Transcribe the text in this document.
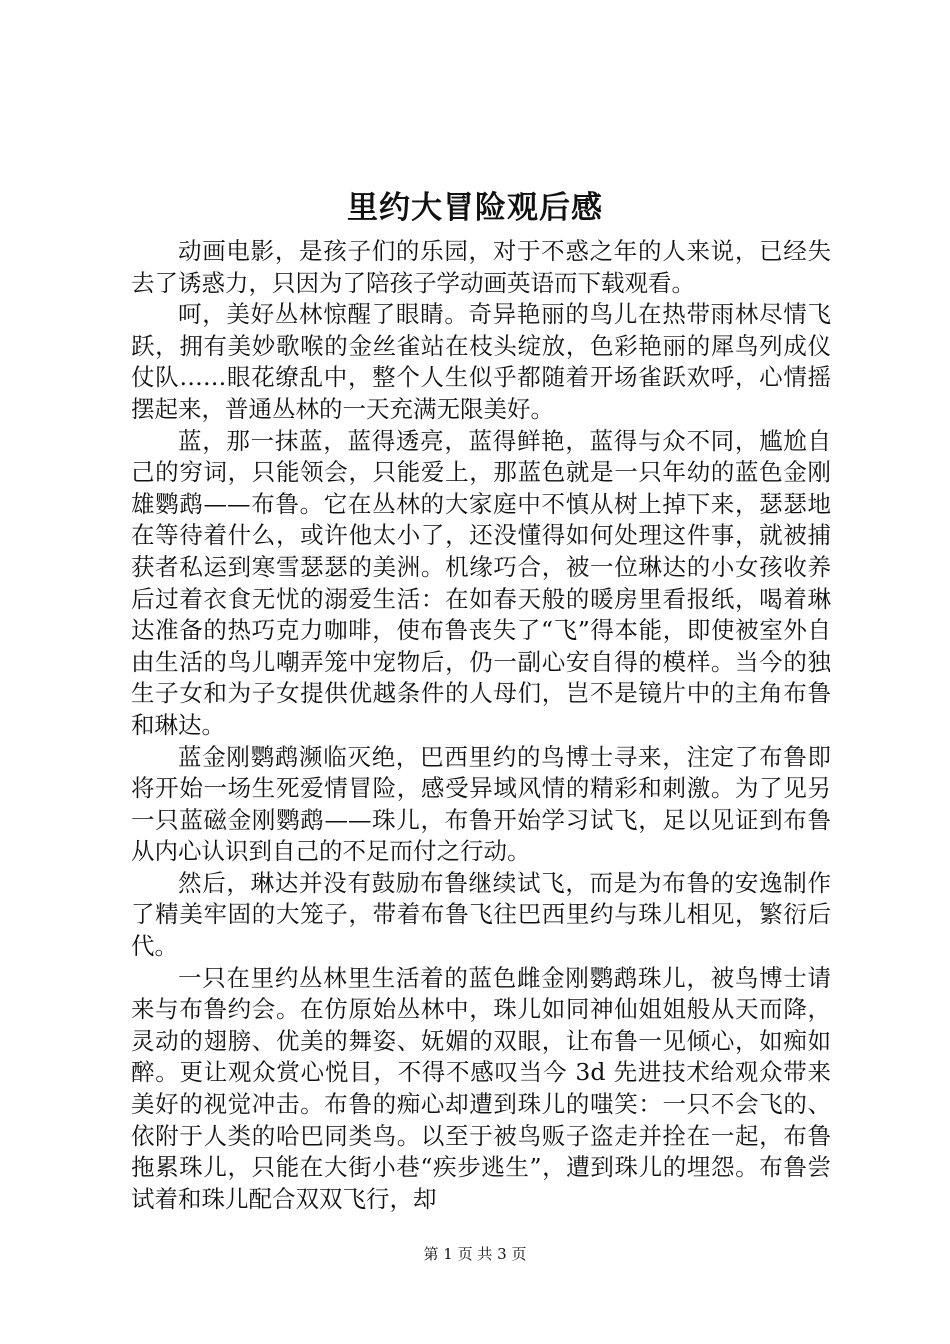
里约大冒险观后感

动画电影，是孩子们的乐园，对于不惑之年的人来说，已经失去了诱惑力，只因为了陪孩子学动画英语而下载观看。

呵，美好丛林惊醒了眼睛。奇异艳丽的鸟儿在热带雨林尽情飞跃，拥有美妙歌喉的金丝雀站在枝头绽放，色彩艳丽的犀鸟列成仪仗队……眼花缭乱中，整个人生似乎都随着开场雀跃欢呼，心情摇摆起来，普通丛林的一天充满无限美好。

蓝，那一抹蓝，蓝得透亮，蓝得鲜艳，蓝得与众不同，尴尬自己的穷词，只能领会，只能爱上，那蓝色就是一只年幼的蓝色金刚雄鹦鹉——布鲁。它在丛林的大家庭中不慎从树上掉下来，瑟瑟地在等待着什么，或许他太小了，还没懂得如何处理这件事，就被捕获者私运到寒雪瑟瑟的美洲。机缘巧合，被一位琳达的小女孩收养后过着衣食无忧的溺爱生活：在如春天般的暖房里看报纸，喝着琳达准备的热巧克力咖啡，使布鲁丧失了“飞”得本能，即使被室外自由生活的鸟儿嘲弄笼中宠物后，仍一副心安自得的模样。当今的独生子女和为子女提供优越条件的人母们，岂不是镜片中的主角布鲁和琳达。

蓝金刚鹦鹉濒临灭绝，巴西里约的鸟博士寻来，注定了布鲁即将开始一场生死爱情冒险，感受异域风情的精彩和刺激。为了见另一只蓝磁金刚鹦鹉——珠儿，布鲁开始学习试飞，足以见证到布鲁从内心认识到自己的不足而付之行动。

然后，琳达并没有鼓励布鲁继续试飞，而是为布鲁的安逸制作了精美牢固的大笼子，带着布鲁飞往巴西里约与珠儿相见，繁衍后代。

一只在里约丛林里生活着的蓝色雌金刚鹦鹉珠儿，被鸟博士请来与布鲁约会。在仿原始丛林中，珠儿如同神仙姐姐般从天而降，灵动的翅膀、优美的舞姿、妩媚的双眼，让布鲁一见倾心，如痴如醉。更让观众赏心悦目，不得不感叹当今 3d 先进技术给观众带来美好的视觉冲击。布鲁的痴心却遭到珠儿的嗤笑：一只不会飞的、依附于人类的哈巴同类鸟。以至于被鸟贩子盗走并拴在一起，布鲁拖累珠儿，只能在大街小巷“疾步逃生”，遭到珠儿的埋怨。布鲁尝试着和珠儿配合双双飞行，却

第 1 页 共 3 页
